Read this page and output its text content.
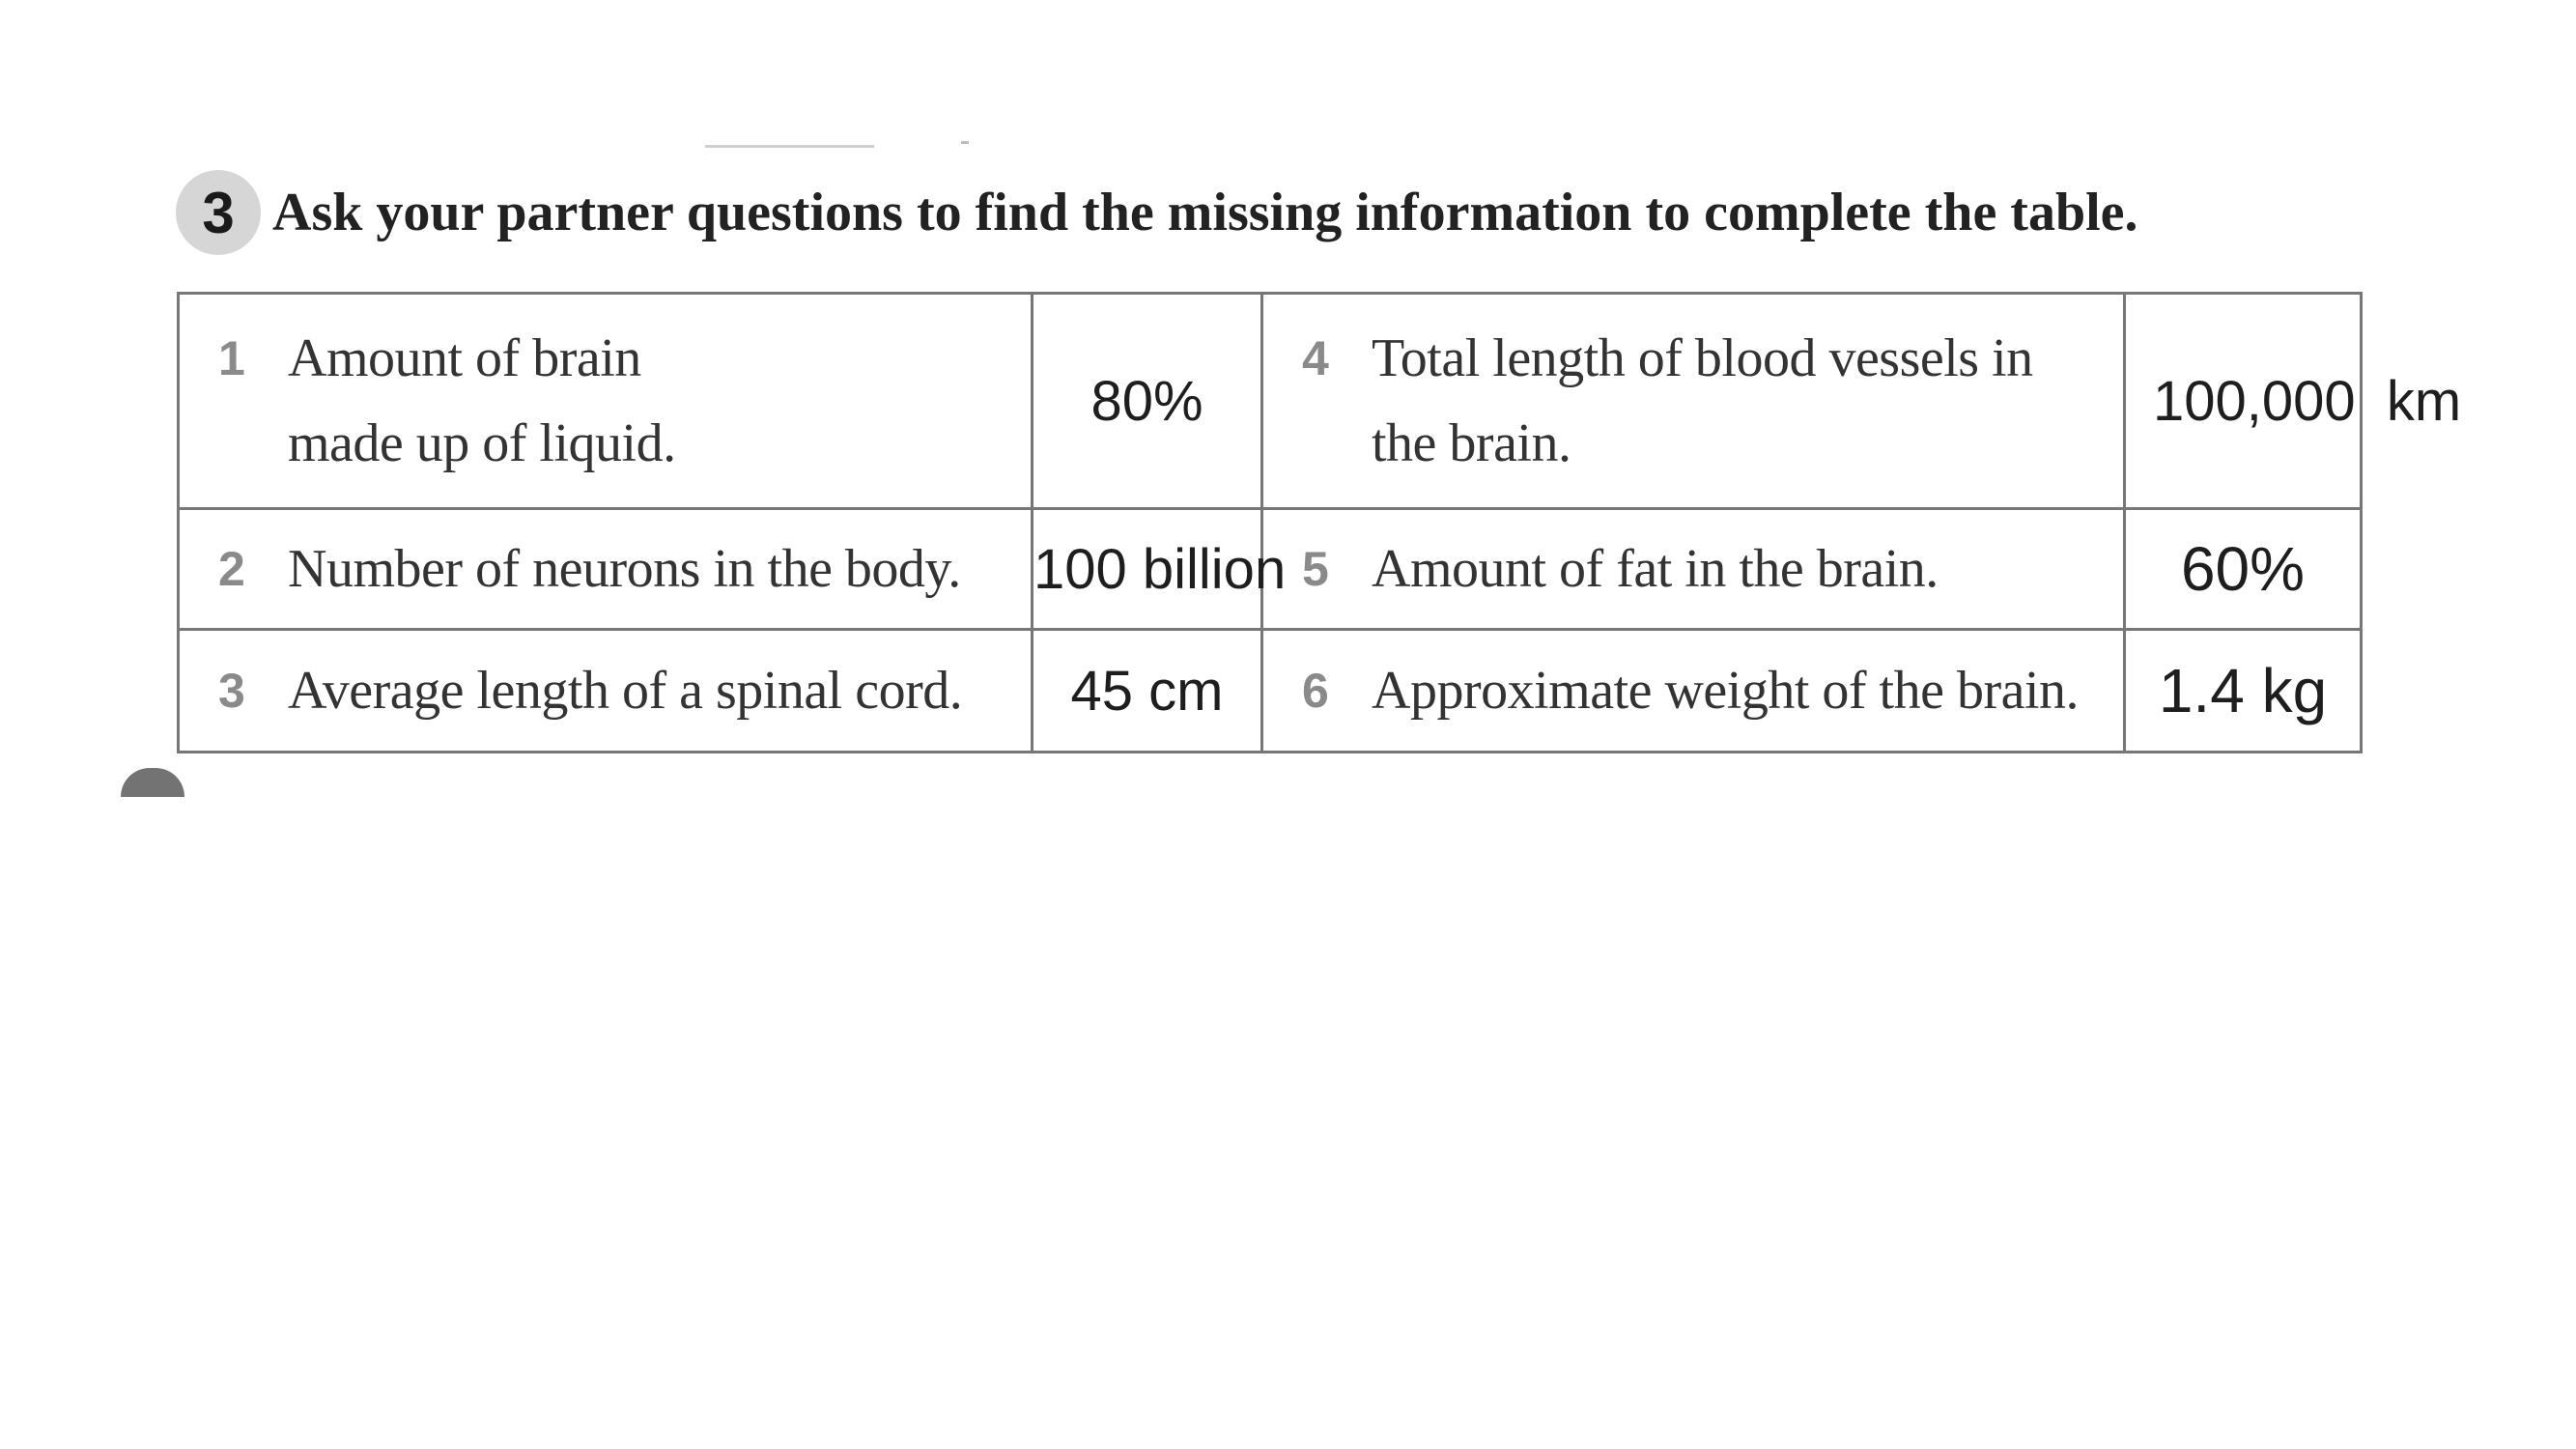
3 Ask your partner questions to find the missing information to complete the table.
1 Amount of brain made up of liquid.	80%	4 Total length of blood vessels in the brain.	100,000  km

2 Number of neurons in the body.	100 billion	5 Amount of fat in the brain.	60%

3 Average length of a spinal cord.	45 cm	6 Approximate weight of the brain.	1.4 kg
